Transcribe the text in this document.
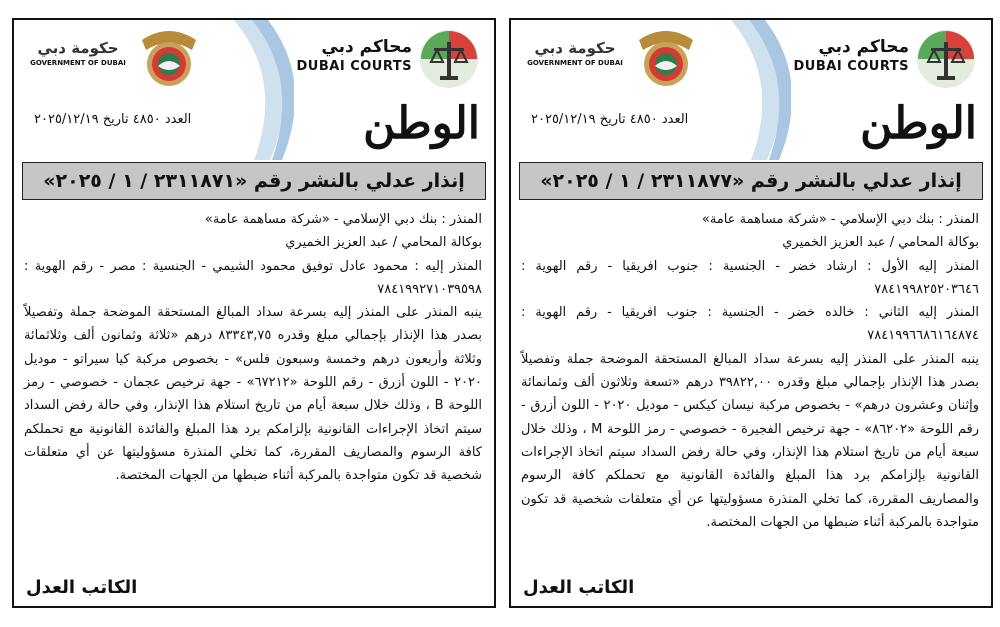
محاكم دبي
DUBAI COURTS
حكومة دبي
GOVERNMENT OF DUBAI
الوطن
العدد ٤٨٥٠ تاريخ ٢٠٢٥/١٢/١٩
إنذار عدلي بالنشر رقم «٢٣١١٨٧١ / ١ / ٢٠٢٥»

المنذر : بنك دبي الإسلامي - «شركة مساهمة عامة»

بوكالة المحامي / عبد العزيز الخميري

المنذر إليه : محمود عادل توفيق محمود الشيمي - الجنسية : مصر - رقم الهوية : ٧٨٤١٩٩٢٧١٠٣٩٥٩٨

ينبه المنذر على المنذر إليه بسرعة سداد المبالغ المستحقة الموضحة جملة وتفصيلاً بصدر هذا الإنذار بإجمالي مبلغ وقدره ٨٣٣٤٣,٧٥ درهم «ثلاثة وثمانون ألف وثلاثمائة وثلاثة وأربعون درهم وخمسة وسبعون فلس» - بخصوص مركبة كيا سيراتو - موديل ٢٠٢٠ - اللون أزرق - رقم اللوحة «٦٧٢١٢» - جهة ترخيص عجمان - خصوصي - رمز اللوحة B ، وذلك خلال سبعة أيام من تاريخ استلام هذا الإنذار، وفي حالة رفض السداد سيتم اتخاذ الإجراءات القانونية بإلزامكم برد هذا المبلغ والفائدة القانونية مع تحملكم كافة الرسوم والمصاريف المقررة، كما تخلي المنذرة مسؤوليتها عن أي متعلقات شخصية قد تكون متواجدة بالمركبة أثناء ضبطها من الجهات المختصة.

الكاتب العدل
محاكم دبي
DUBAI COURTS
حكومة دبي
GOVERNMENT OF DUBAI
الوطن
العدد ٤٨٥٠ تاريخ ٢٠٢٥/١٢/١٩
إنذار عدلي بالنشر رقم «٢٣١١٨٧٧ / ١ / ٢٠٢٥»

المنذر : بنك دبي الإسلامي - «شركة مساهمة عامة»

بوكالة المحامي / عبد العزيز الخميري

المنذر إليه الأول : ارشاد خضر - الجنسية : جنوب افريقيا - رقم الهوية : ٧٨٤١٩٩٨٢٥٢٠٣٦٤٦

المنذر إليه الثاني : خالده خضر - الجنسية : جنوب افريقيا - رقم الهوية : ٧٨٤١٩٩٦٦٨٦١٦٤٨٧٤

ينبه المنذر على المنذر إليه بسرعة سداد المبالغ المستحقة الموضحة جملة وتفصيلاً بصدر هذا الإنذار بإجمالي مبلغ وقدره ٣٩٨٢٢,٠٠ درهم «تسعة وثلاثون ألف وثمانمائة وإثنان وعشرون درهم» - بخصوص مركبة نيسان كيكس - موديل ٢٠٢٠ - اللون أزرق - رقم اللوحة «٨٦٢٠٢» - جهة ترخيص الفجيرة - خصوصي - رمز اللوحة M ، وذلك خلال سبعة أيام من تاريخ استلام هذا الإنذار، وفي حالة رفض السداد سيتم اتخاذ الإجراءات القانونية بإلزامكم برد هذا المبلغ والفائدة القانونية مع تحملكم كافة الرسوم والمصاريف المقررة، كما تخلي المنذرة مسؤوليتها عن أي متعلقات شخصية قد تكون متواجدة بالمركبة أثناء ضبطها من الجهات المختصة.

الكاتب العدل
